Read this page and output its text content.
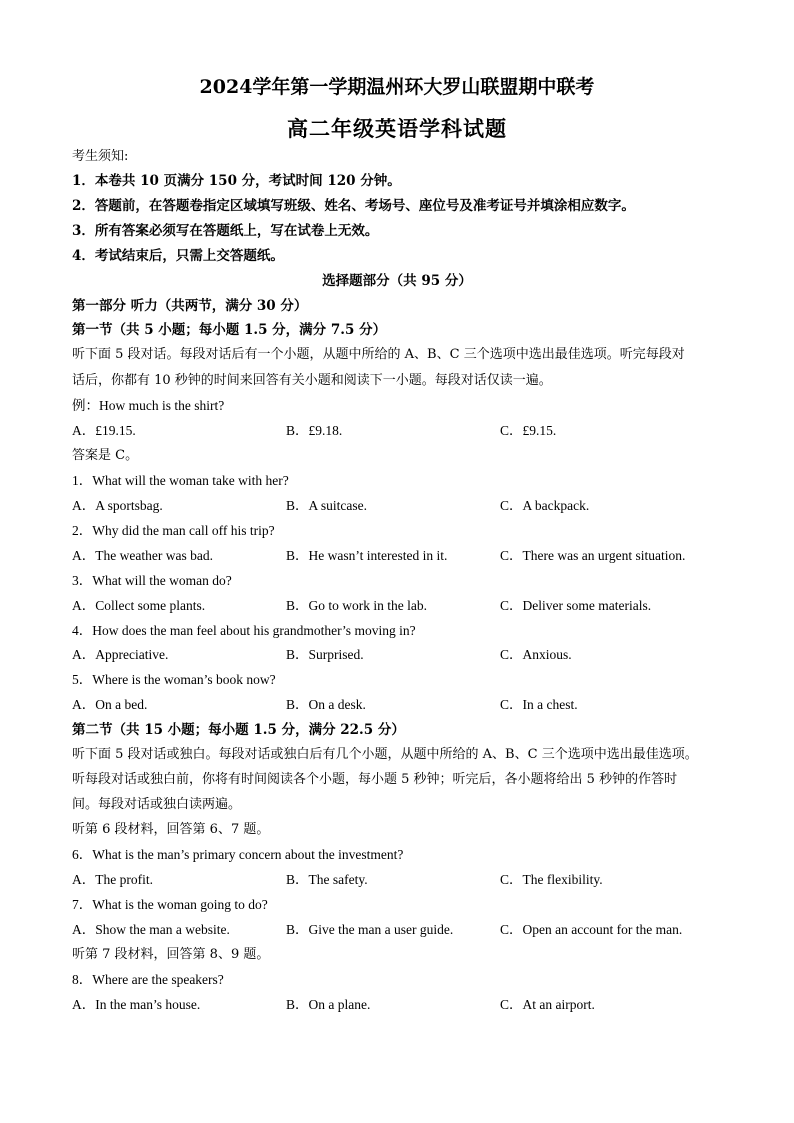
2024学年第一学期温州环大罗山联盟期中联考
高二年级英语学科试题
考生须知:
1．本卷共 10 页满分 150 分，考试时间 120 分钟。
2．答题前，在答题卷指定区域填写班级、姓名、考场号、座位号及准考证号并填涂相应数字。
3．所有答案必须写在答题纸上，写在试卷上无效。
4．考试结束后，只需上交答题纸。
选择题部分（共 95 分）
第一部分 听力（共两节，满分 30 分）
第一节（共 5 小题；每小题 1.5 分，满分 7.5 分）
听下面 5 段对话。每段对话后有一个小题，从题中所给的 A、B、C 三个选项中选出最佳选项。听完每段对
话后，你都有 10 秒钟的时间来回答有关小题和阅读下一小题。每段对话仅读一遍。
例：How much is the shirt?
A．£19.15.	B．£9.18.	C．£9.15.
答案是 C。
1．What will the woman take with her?
A．A sportsbag.	B．A suitcase.	C．A backpack.
2．Why did the man call off his trip?
A．The weather was bad.	B．He wasn’t interested in it.	C．There was an urgent situation.
3．What will the woman do?
A．Collect some plants.	B．Go to work in the lab.	C．Deliver some materials.
4．How does the man feel about his grandmother’s moving in?
A．Appreciative.	B．Surprised.	C．Anxious.
5．Where is the woman’s book now?
A．On a bed.	B．On a desk.	C．In a chest.
第二节（共 15 小题；每小题 1.5 分，满分 22.5 分）
听下面 5 段对话或独白。每段对话或独白后有几个小题，从题中所给的 A、B、C 三个选项中选出最佳选项。
听每段对话或独白前，你将有时间阅读各个小题，每小题 5 秒钟；听完后，各小题将给出 5 秒钟的作答时
间。每段对话或独白读两遍。
听第 6 段材料，回答第 6、7 题。
6．What is the man’s primary concern about the investment?
A．The profit.	B．The safety.	C．The flexibility.
7．What is the woman going to do?
A．Show the man a website.	B．Give the man a user guide.	C．Open an account for the man.
听第 7 段材料，回答第 8、9 题。
8．Where are the speakers?
A．In the man’s house.	B．On a plane.	C．At an airport.
